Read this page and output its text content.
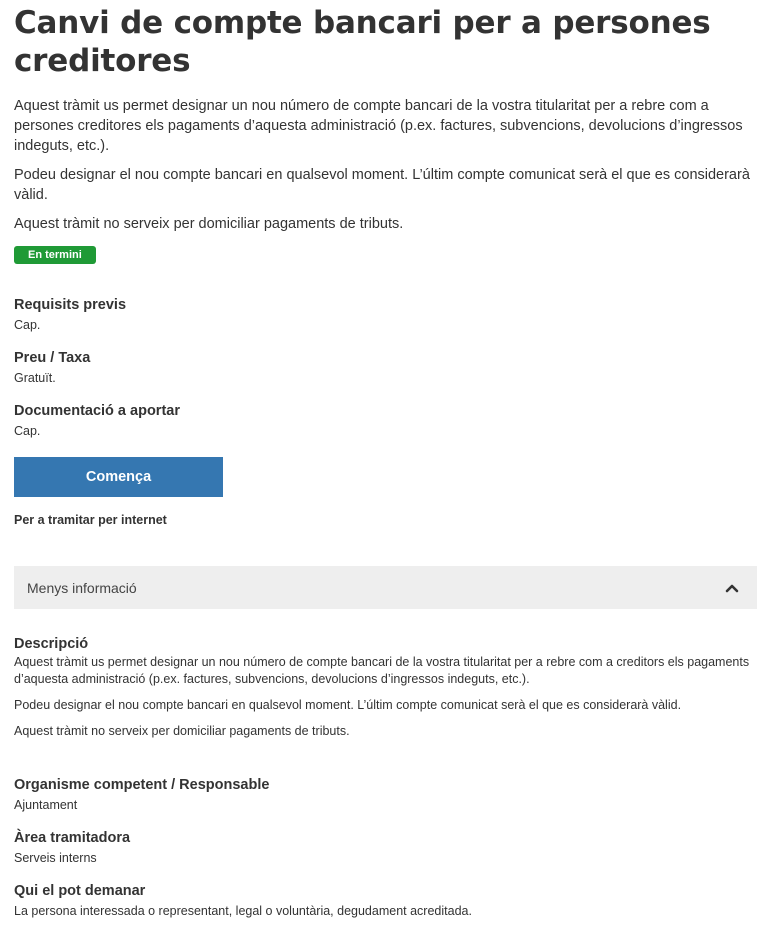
Canvi de compte bancari per a persones creditores

Aquest tràmit us permet designar un nou número de compte bancari de la vostra titularitat per a rebre com a persones creditores els pagaments d’aquesta administració (p.ex. factures, subvencions, devolucions d’ingressos indeguts, etc.).

Podeu designar el nou compte bancari en qualsevol moment. L’últim compte comunicat serà el que es considerarà vàlid.

Aquest tràmit no serveix per domiciliar pagaments de tributs.

En termini
Requisits previs
Cap.
Preu / Taxa
Gratuït.
Documentació a aportar
Cap.
Comença
Per a tramitar per internet
Menys informació
Descripció

Aquest tràmit us permet designar un nou número de compte bancari de la vostra titularitat per a rebre com a creditors els pagaments d’aquesta administració (p.ex. factures, subvencions, devolucions d’ingressos indeguts, etc.).

Podeu designar el nou compte bancari en qualsevol moment. L’últim compte comunicat serà el que es considerarà vàlid.

Aquest tràmit no serveix per domiciliar pagaments de tributs.

Organisme competent / Responsable
Ajuntament
Àrea tramitadora
Serveis interns
Qui el pot demanar
La persona interessada o representant, legal o voluntària, degudament acreditada.
